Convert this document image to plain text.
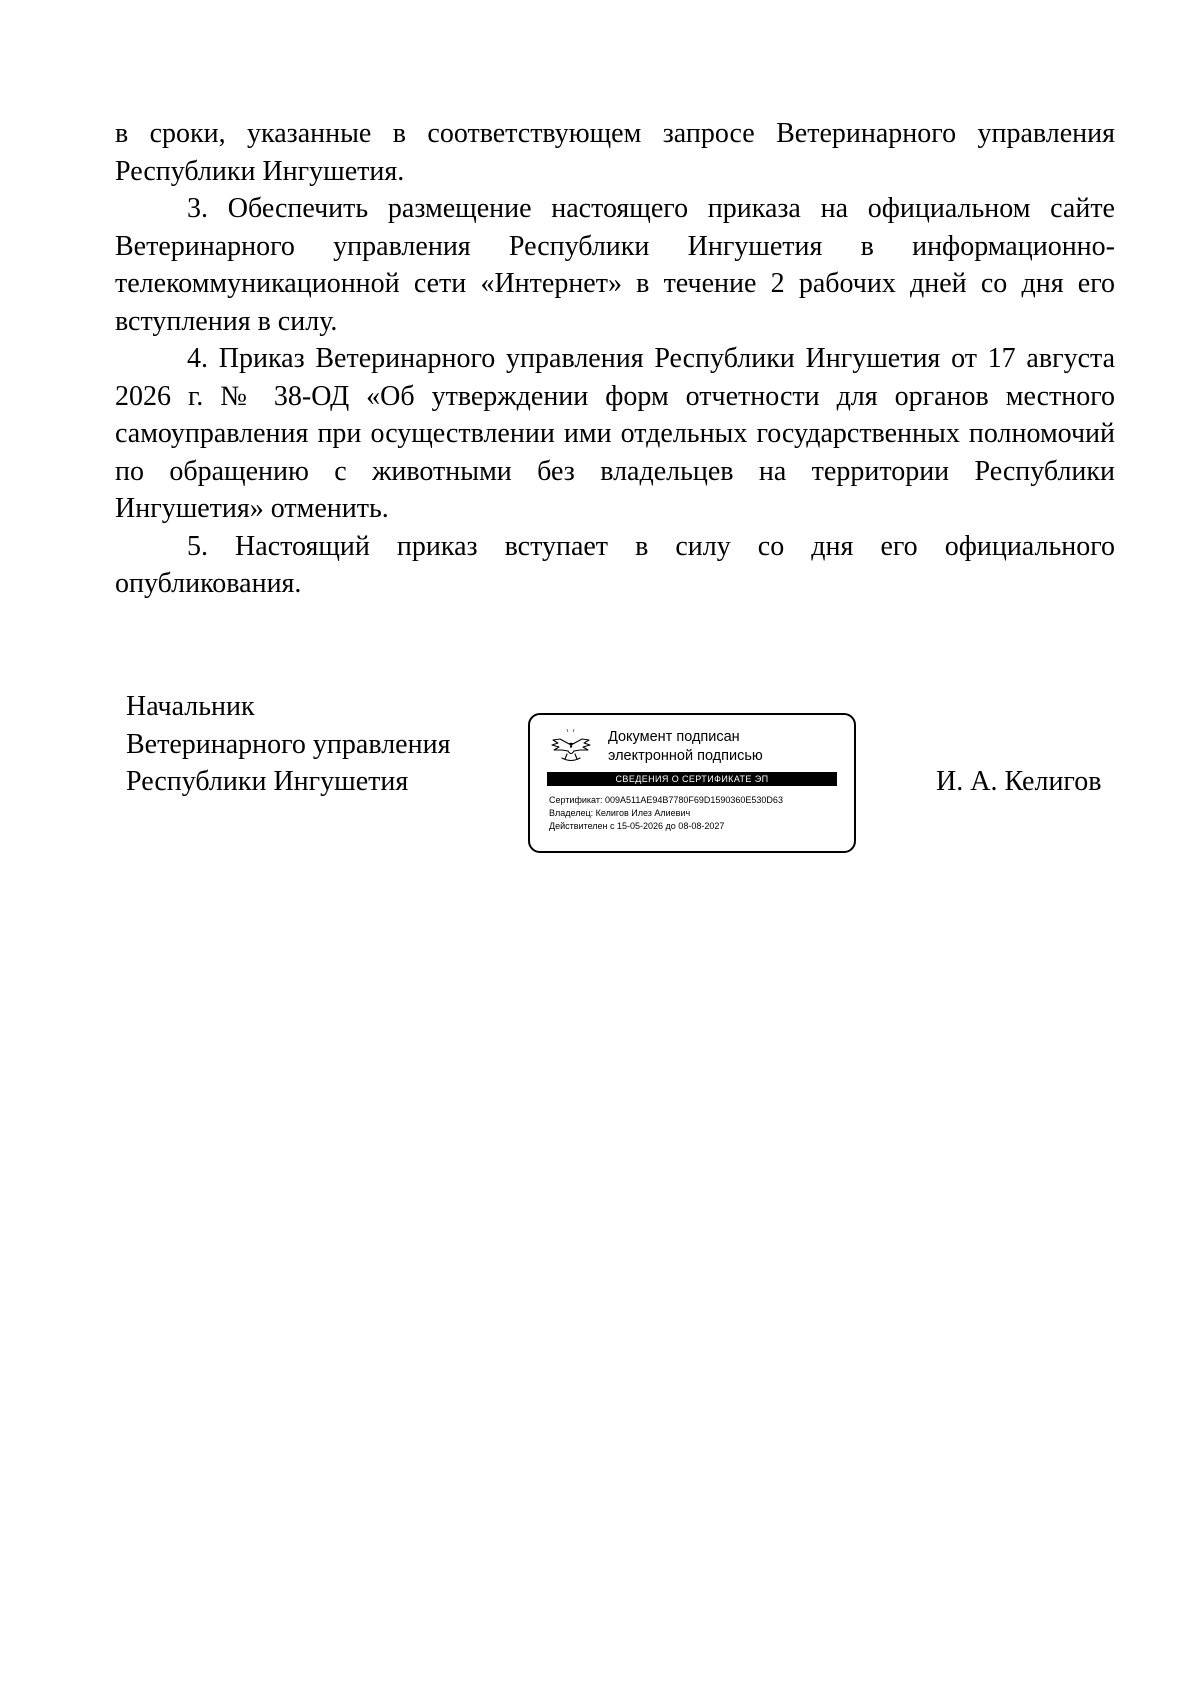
в сроки, указанные в соответствующем запросе Ветеринарного управления Республики Ингушетия.

3. Обеспечить размещение настоящего приказа на официальном сайте Ветеринарного управления Республики Ингушетия в информационно-телекоммуникационной сети «Интернет» в течение 2 рабочих дней со дня его вступления в силу.

4. Приказ Ветеринарного управления Республики Ингушетия от 17 августа 2026 г. № 38-ОД «Об утверждении форм отчетности для органов местного самоуправления при осуществлении ими отдельных государственных полномочий по обращению с животными без владельцев на территории Республики Ингушетия» отменить.

5. Настоящий приказ вступает в силу со дня его официального опубликования.

Начальник
Ветеринарного управления
Республики Ингушетия
Документ подписан
электронной подписью
СВЕДЕНИЯ О СЕРТИФИКАТЕ ЭП
Сертификат: 009A511AE94B7780F69D1590360E530D63
Владелец: Келигов Илез Алиевич
Действителен с 15-05-2026 до 08-08-2027
И. А. Келигов
